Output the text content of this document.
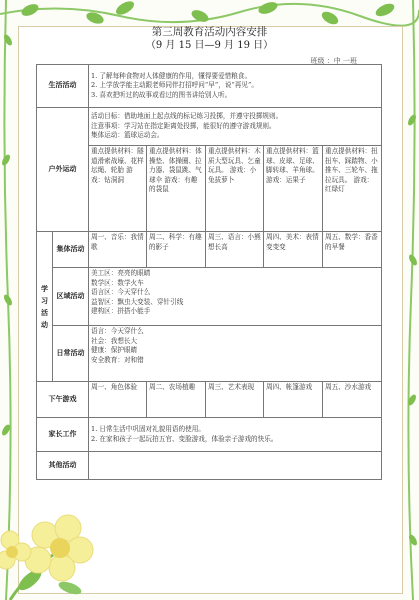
第三周教育活动内容安排
（9 月 15 日—9 月 19 日）
班级 ：中 一班
生活活动		1. 了解每种食物对人体健康的作用，懂得要爱惜粮食。
2. 上学放学能主动跟老师同伴打招呼问“早”，说“再见”。
3. 喜欢把听过的故事或看过的图书讲给别人听。				

户外运动		活动目标：借助地面上起点线的标记练习投掷，并遵守投掷规则。
注意事项：学习站在指定距离处投掷，能很好的遵守游戏规则。
集体运动：篮球运动会。				

		重点提供材料：隧道滑索战壕、花样坛绳、轮胎 游戏：钻洞洞	重点提供材料：体操垫、体操圈、拉力器、袋鼠跳、气球伞 游戏：有趣的袋鼠	重点提供材料：木质大型玩具、乞童玩具。 游戏：小兔拔萝卜	重点提供材料：篮球、皮球、足球、脚转球、羊角球。 游戏：运果子	重点提供材料：扭扭车、踩踏物、小推车、三轮车、拖拉玩具。 游戏：红绿灯

学
习
活
动	集体活动	周一、音乐：我情歌	周二、科学：有趣的影子	周三、语言：小熊想长高	周四、美术：表情变变变	周五、数学：香香的早餐
	区域活动	美工区：亮亮的眼睛
数学区：数学火车
语言区：今天穿什么
益智区：飘虫大变装、穿针引线
建构区：拼搭小能手				

	日常活动	语言：今天穿什么
社会：我想长大
健康：保护眼睛
安全教育：对和错				

下午游戏		周一、角色体验	周二、农场植趣	周三、艺术表现	周四、帐篷游戏	周五、沙水游戏
家长工作		1. 日常生活中巩固对礼貌用语的使用。
2. 在家和孩子一起玩拍五官、变脸游戏，体验亲子游戏的快乐。				

其他活动						
